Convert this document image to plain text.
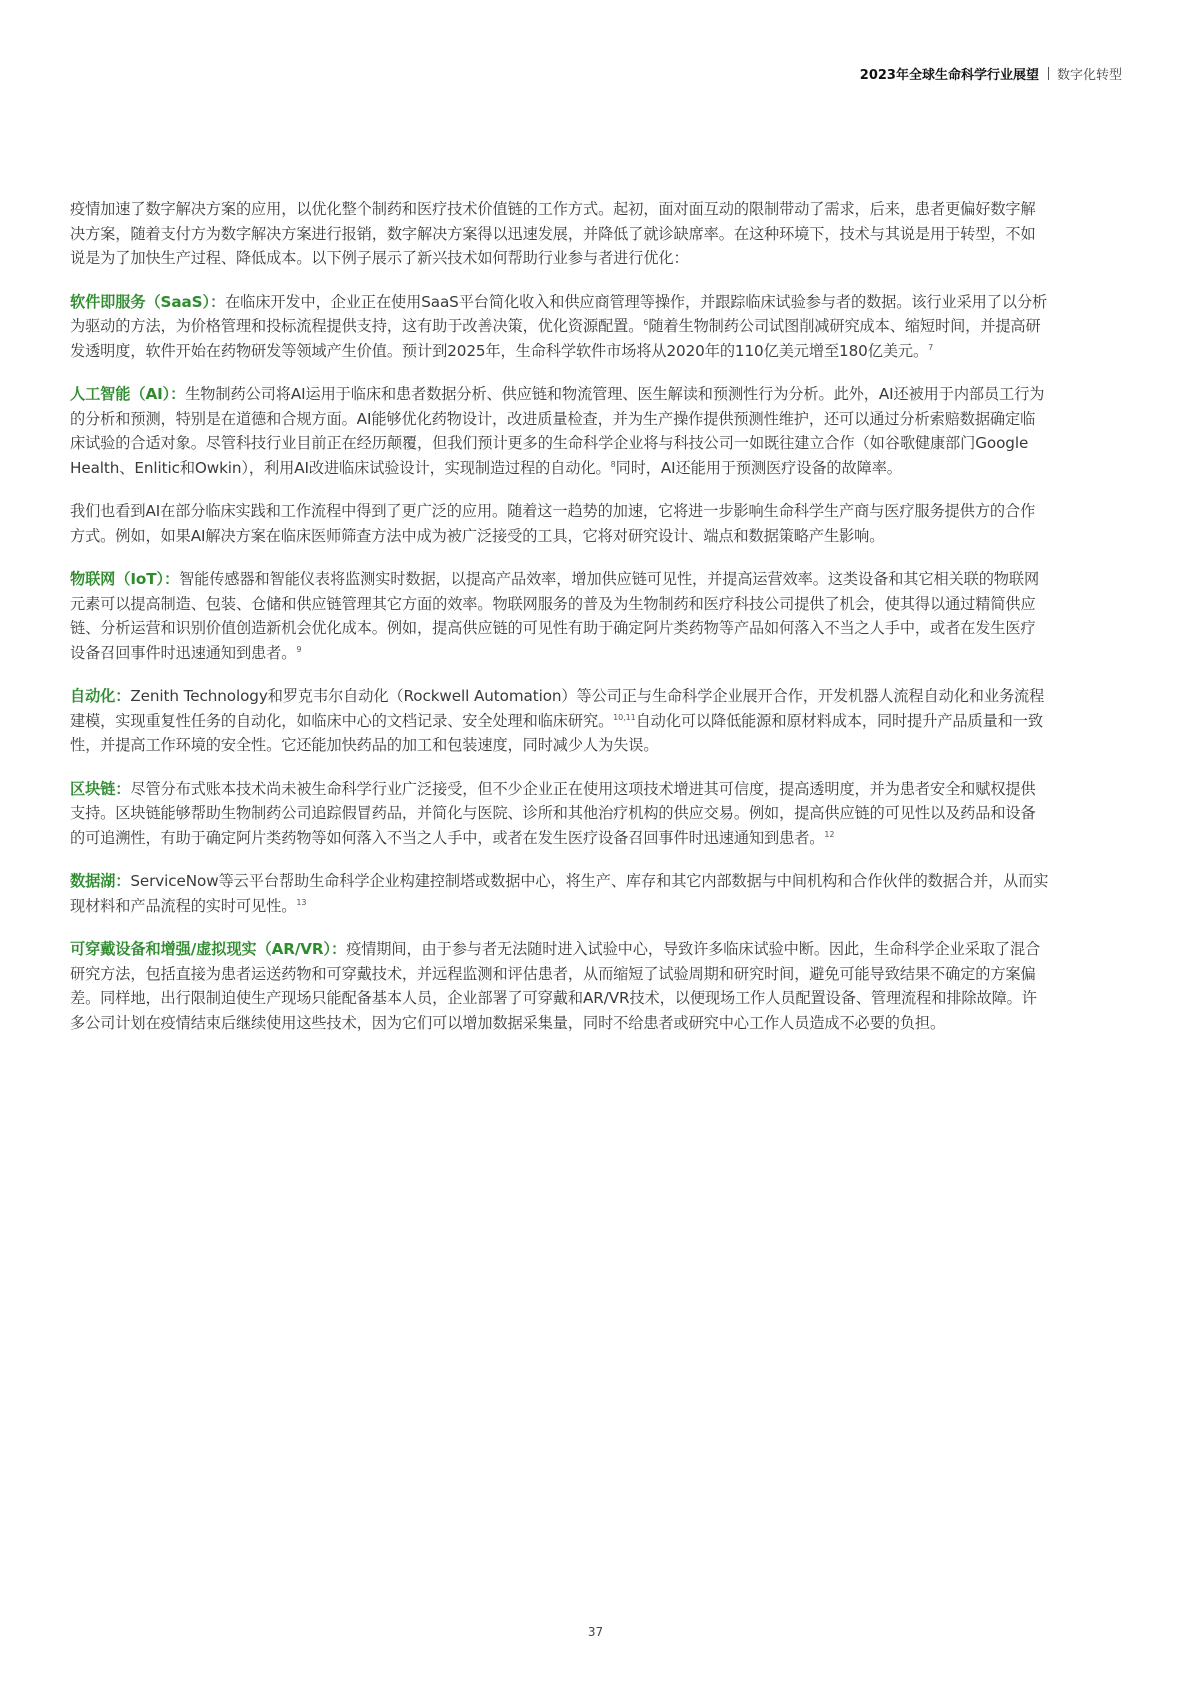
2023年全球生命科学行业展望 数字化转型

疫情加速了数字解决方案的应用，以优化整个制药和医疗技术价值链的工作方式。起初，面对面互动的限制带动了需求，后来，患者更偏好数字解决方案，随着支付方为数字解决方案进行报销，数字解决方案得以迅速发展，并降低了就诊缺席率。在这种环境下，技术与其说是用于转型，不如说是为了加快生产过程、降低成本。以下例子展示了新兴技术如何帮助行业参与者进行优化：

软件即服务（SaaS）：在临床开发中，企业正在使用SaaS平台简化收入和供应商管理等操作，并跟踪临床试验参与者的数据。该行业采用了以分析为驱动的方法，为价格管理和投标流程提供支持，这有助于改善决策，优化资源配置。$^6$随着生物制药公司试图削减研究成本、缩短时间，并提高研发透明度，软件开始在药物研发等领域产生价值。预计到2025年，生命科学软件市场将从2020年的110亿美元增至180亿美元。$^7$

人工智能（AI）：生物制药公司将AI运用于临床和患者数据分析、供应链和物流管理、医生解读和预测性行为分析。此外，AI还被用于内部员工行为的分析和预测，特别是在道德和合规方面。AI能够优化药物设计，改进质量检查，并为生产操作提供预测性维护，还可以通过分析索赔数据确定临床试验的合适对象。尽管科技行业目前正在经历颠覆，但我们预计更多的生命科学企业将与科技公司一如既往建立合作（如谷歌健康部门Google Health、Enlitic和Owkin），利用AI改进临床试验设计，实现制造过程的自动化。$^8$同时，AI还能用于预测医疗设备的故障率。

我们也看到AI在部分临床实践和工作流程中得到了更广泛的应用。随着这一趋势的加速，它将进一步影响生命科学生产商与医疗服务提供方的合作方式。例如，如果AI解决方案在临床医师筛查方法中成为被广泛接受的工具，它将对研究设计、端点和数据策略产生影响。

物联网（IoT）：智能传感器和智能仪表将监测实时数据，以提高产品效率，增加供应链可见性，并提高运营效率。这类设备和其它相关联的物联网元素可以提高制造、包装、仓储和供应链管理其它方面的效率。物联网服务的普及为生物制药和医疗科技公司提供了机会，使其得以通过精简供应链、分析运营和识别价值创造新机会优化成本。例如，提高供应链的可见性有助于确定阿片类药物等产品如何落入不当之人手中，或者在发生医疗设备召回事件时迅速通知到患者。$^9$

自动化：Zenith Technology和罗克韦尔自动化（Rockwell Automation）等公司正与生命科学企业展开合作，开发机器人流程自动化和业务流程建模，实现重复性任务的自动化，如临床中心的文档记录、安全处理和临床研究。$^{10,11}$自动化可以降低能源和原材料成本，同时提升产品质量和一致性，并提高工作环境的安全性。它还能加快药品的加工和包装速度，同时减少人为失误。

区块链：尽管分布式账本技术尚未被生命科学行业广泛接受，但不少企业正在使用这项技术增进其可信度，提高透明度，并为患者安全和赋权提供支持。区块链能够帮助生物制药公司追踪假冒药品，并简化与医院、诊所和其他治疗机构的供应交易。例如，提高供应链的可见性以及药品和设备的可追溯性，有助于确定阿片类药物等如何落入不当之人手中，或者在发生医疗设备召回事件时迅速通知到患者。$^{12}$

数据湖：ServiceNow等云平台帮助生命科学企业构建控制塔或数据中心，将生产、库存和其它内部数据与中间机构和合作伙伴的数据合并，从而实现材料和产品流程的实时可见性。$^{13}$

可穿戴设备和增强/虚拟现实（AR/VR）：疫情期间，由于参与者无法随时进入试验中心，导致许多临床试验中断。因此，生命科学企业采取了混合研究方法，包括直接为患者运送药物和可穿戴技术，并远程监测和评估患者，从而缩短了试验周期和研究时间，避免可能导致结果不确定的方案偏差。同样地，出行限制迫使生产现场只能配备基本人员，企业部署了可穿戴和AR/VR技术，以便现场工作人员配置设备、管理流程和排除故障。许多公司计划在疫情结束后继续使用这些技术，因为它们可以增加数据采集量，同时不给患者或研究中心工作人员造成不必要的负担。

37
